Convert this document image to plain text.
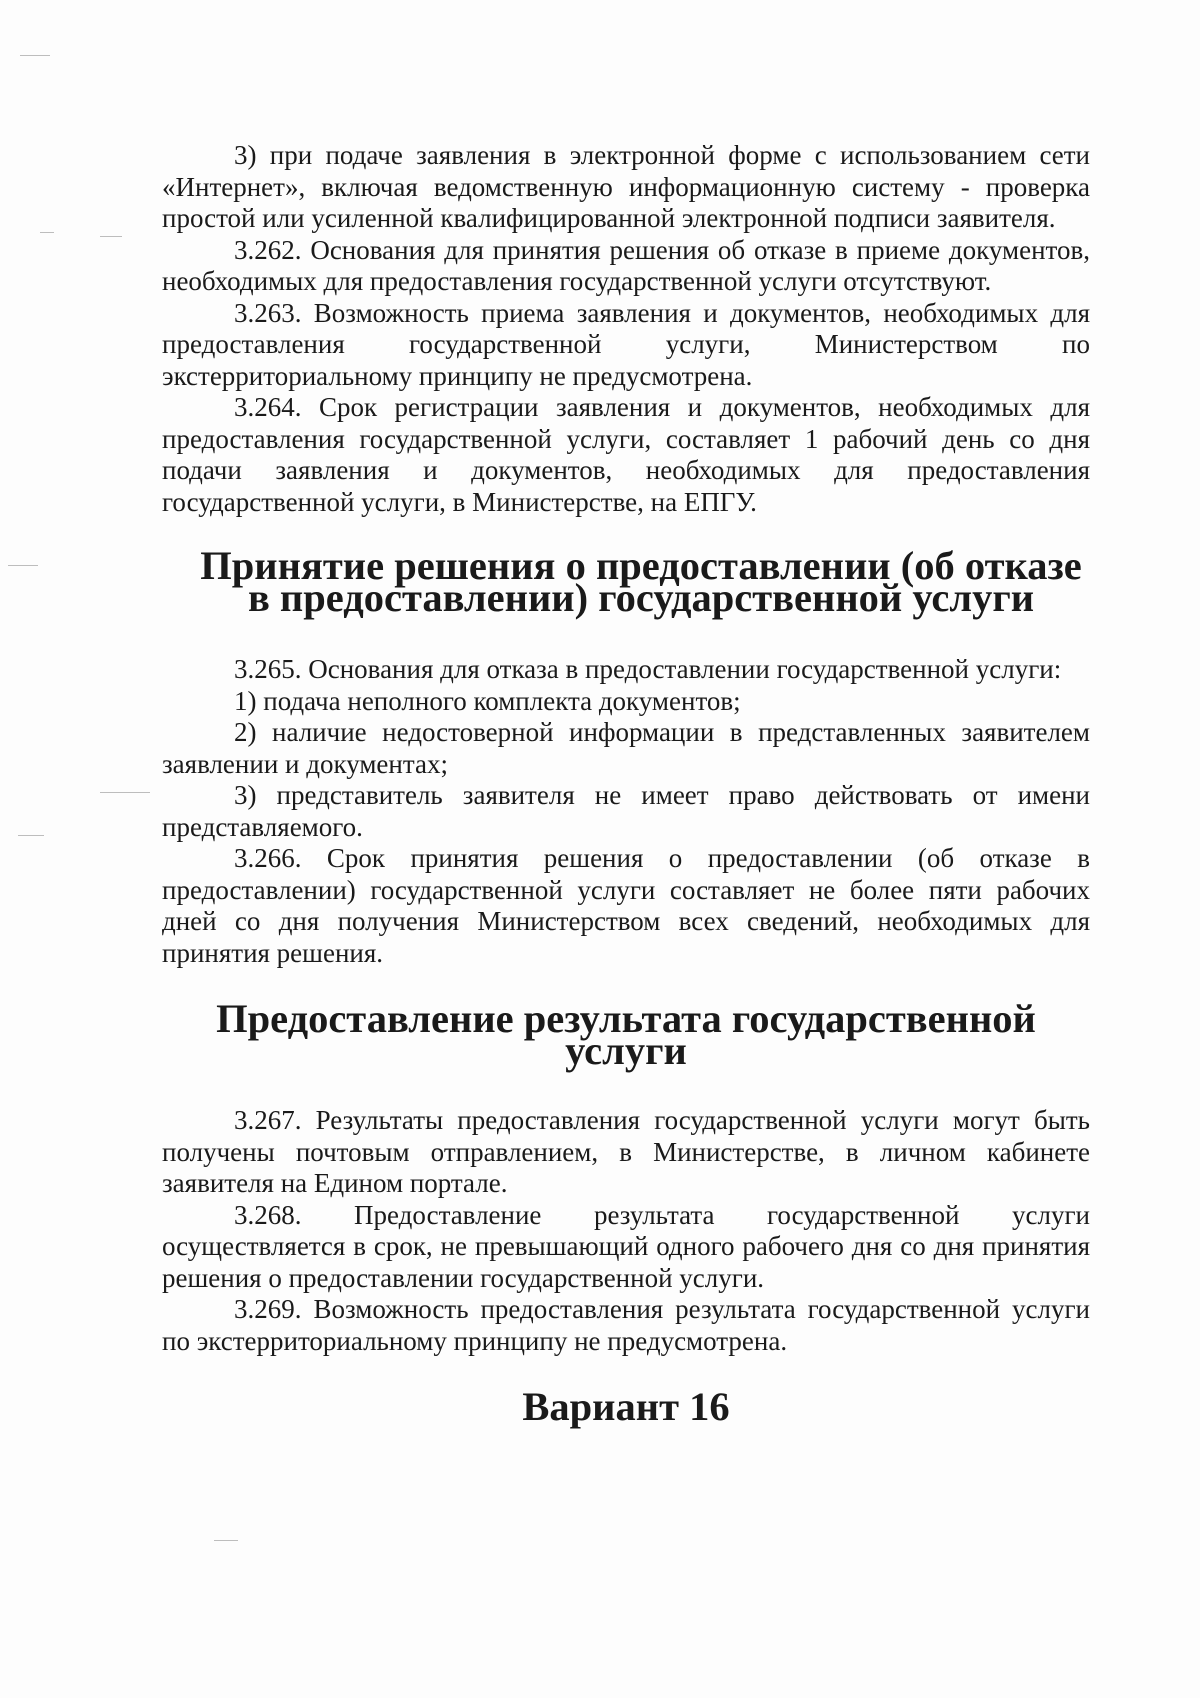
3) при подаче заявления в электронной форме с использованием сети «Интернет», включая ведомственную информационную систему - проверка простой или усиленной квалифицированной электронной подписи заявителя.

3.262. Основания для принятия решения об отказе в приеме документов, необходимых для предоставления государственной услуги отсутствуют.

3.263. Возможность приема заявления и документов, необходимых для предоставления государственной услуги, Министерством по экстерриториальному принципу не предусмотрена.

3.264. Срок регистрации заявления и документов, необходимых для предоставления государственной услуги, составляет 1 рабочий день со дня подачи заявления и документов, необходимых для предоставления государственной услуги, в Министерстве, на ЕПГУ.

Принятие решения о предоставлении (об отказе в предоставлении) государственной услуги

3.265. Основания для отказа в предоставлении государственной услуги:

1) подача неполного комплекта документов;

2) наличие недостоверной информации в представленных заявителем заявлении и документах;

3) представитель заявителя не имеет право действовать от имени представляемого.

3.266. Срок принятия решения о предоставлении (об отказе в предоставлении) государственной услуги составляет не более пяти рабочих дней со дня получения Министерством всех сведений, необходимых для принятия решения.

Предоставление результата государственной услуги

3.267. Результаты предоставления государственной услуги могут быть получены почтовым отправлением, в Министерстве, в личном кабинете заявителя на Едином портале.

3.268. Предоставление результата государственной услуги осуществляется в срок, не превышающий одного рабочего дня со дня принятия решения о предоставлении государственной услуги.

3.269. Возможность предоставления результата государственной услуги по экстерриториальному принципу не предусмотрена.

Вариант 16
